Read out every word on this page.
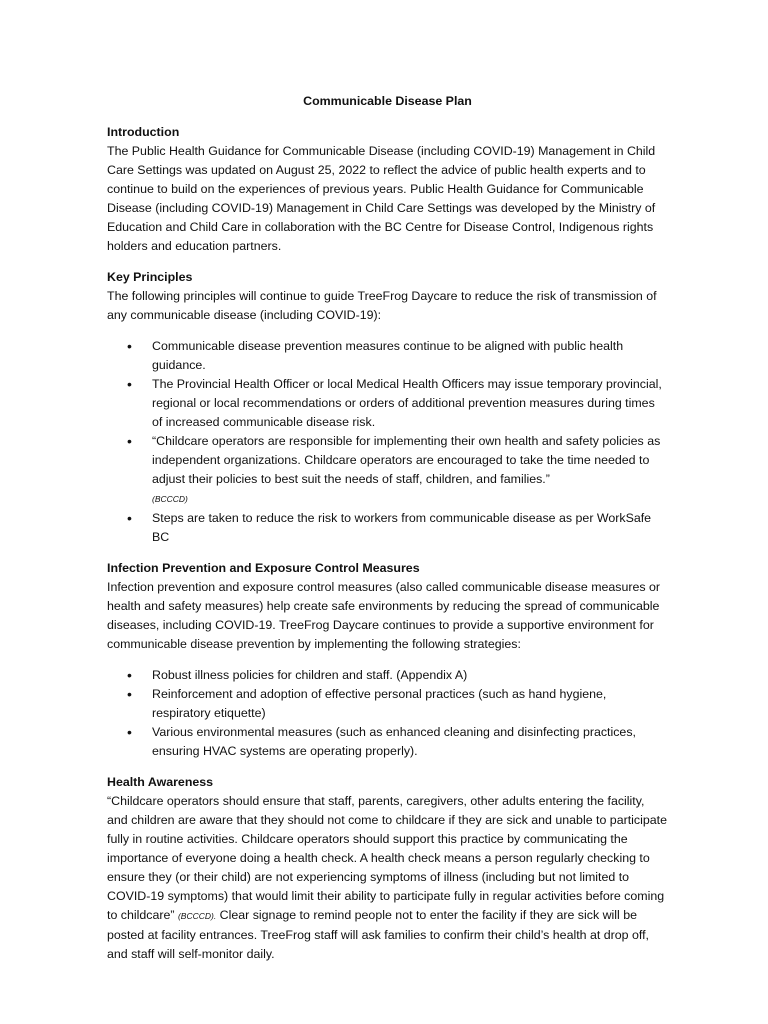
Communicable Disease Plan

Introduction

The Public Health Guidance for Communicable Disease (including COVID-19) Management in Child Care Settings was updated on August 25, 2022 to reflect the advice of public health experts and to continue to build on the experiences of previous years. Public Health Guidance for Communicable Disease (including COVID-19) Management in Child Care Settings was developed by the Ministry of Education and Child Care in collaboration with the BC Centre for Disease Control, Indigenous rights holders and education partners.

Key Principles

The following principles will continue to guide TreeFrog Daycare to reduce the risk of transmission of any communicable disease (including COVID-19):

• Communicable disease prevention measures continue to be aligned with public health guidance.
• The Provincial Health Officer or local Medical Health Officers may issue temporary provincial, regional or local recommendations or orders of additional prevention measures during times of increased communicable disease risk.
• “Childcare operators are responsible for implementing their own health and safety policies as independent organizations. Childcare operators are encouraged to take the time needed to adjust their policies to best suit the needs of staff, children, and families.”
(BCCCD)
• Steps are taken to reduce the risk to workers from communicable disease as per WorkSafe BC

Infection Prevention and Exposure Control Measures

Infection prevention and exposure control measures (also called communicable disease measures or health and safety measures) help create safe environments by reducing the spread of communicable diseases, including COVID-19. TreeFrog Daycare continues to provide a supportive environment for communicable disease prevention by implementing the following strategies:

• Robust illness policies for children and staff. (Appendix A)
• Reinforcement and adoption of effective personal practices (such as hand hygiene, respiratory etiquette)
• Various environmental measures (such as enhanced cleaning and disinfecting practices, ensuring HVAC systems are operating properly).

Health Awareness

“Childcare operators should ensure that staff, parents, caregivers, other adults entering the facility, and children are aware that they should not come to childcare if they are sick and unable to participate fully in routine activities. Childcare operators should support this practice by communicating the importance of everyone doing a health check. A health check means a person regularly checking to ensure they (or their child) are not experiencing symptoms of illness (including but not limited to COVID-19 symptoms) that would limit their ability to participate fully in regular activities before coming to childcare” (BCCCD). Clear signage to remind people not to enter the facility if they are sick will be posted at facility entrances. TreeFrog staff will ask families to confirm their child’s health at drop off, and staff will self-monitor daily.
